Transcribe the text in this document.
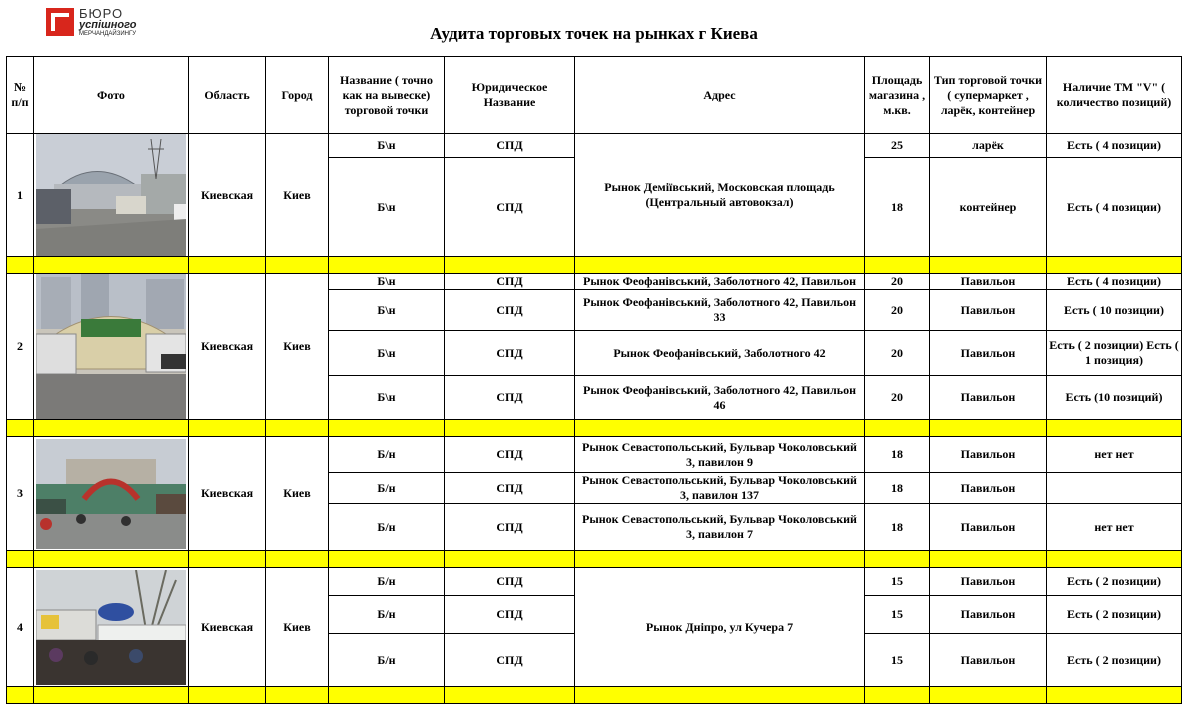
БЮРО
успішного
МЕРЧАНДАЙЗИНГУ	Аудита торговых точек на рынках г Киева
№ п/п	Фото	Область	Город	Название ( точно как на вывеске) торговой точки	Юридическое Название	Адрес	Площадь магазина , м.кв.	Тип торговой точки ( супермаркет , ларёк, контейнер	Наличие ТМ "V" ( количество позиций)
1		Киевская	Киев	Б\н	СПД	Рынок Деміївський, Московская площадь (Центральный автовокзал)	25	ларёк	Есть ( 4 позиции)
				Б\н	СПД		18	контейнер	Есть ( 4 позиции)

2		Киевская	Киев	Б\н	СПД	Рынок Феофанівський, Заболотного 42, Павильон	20	Павильон	Есть ( 4 позиции)
				Б\н	СПД	Рынок Феофанівський, Заболотного 42, Павильон 33	20	Павильон	Есть ( 10 позиции)
				Б\н	СПД	Рынок Феофанівський, Заболотного 42	20	Павильон	Есть ( 2 позиции) Есть ( 1 позиция)
				Б\н	СПД	Рынок Феофанівський, Заболотного 42, Павильон 46	20	Павильон	Есть (10 позиций)

3		Киевская	Киев	Б/н	СПД	Рынок Севастопольський, Бульвар Чоколовський 3, павилон 9	18	Павильон	нет нет
				Б/н	СПД	Рынок Севастопольський, Бульвар Чоколовський 3, павилон 137	18	Павильон	
				Б/н	СПД	Рынок Севастопольський, Бульвар Чоколовський 3, павилон 7	18	Павильон	нет нет

4		Киевская	Киев	Б/н	СПД	Рынок Дніпро, ул Кучера 7	15	Павильон	Есть ( 2 позиции)
				Б/н	СПД		15	Павильон	Есть ( 2 позиции)
				Б/н	СПД		15	Павильон	Есть ( 2 позиции)
